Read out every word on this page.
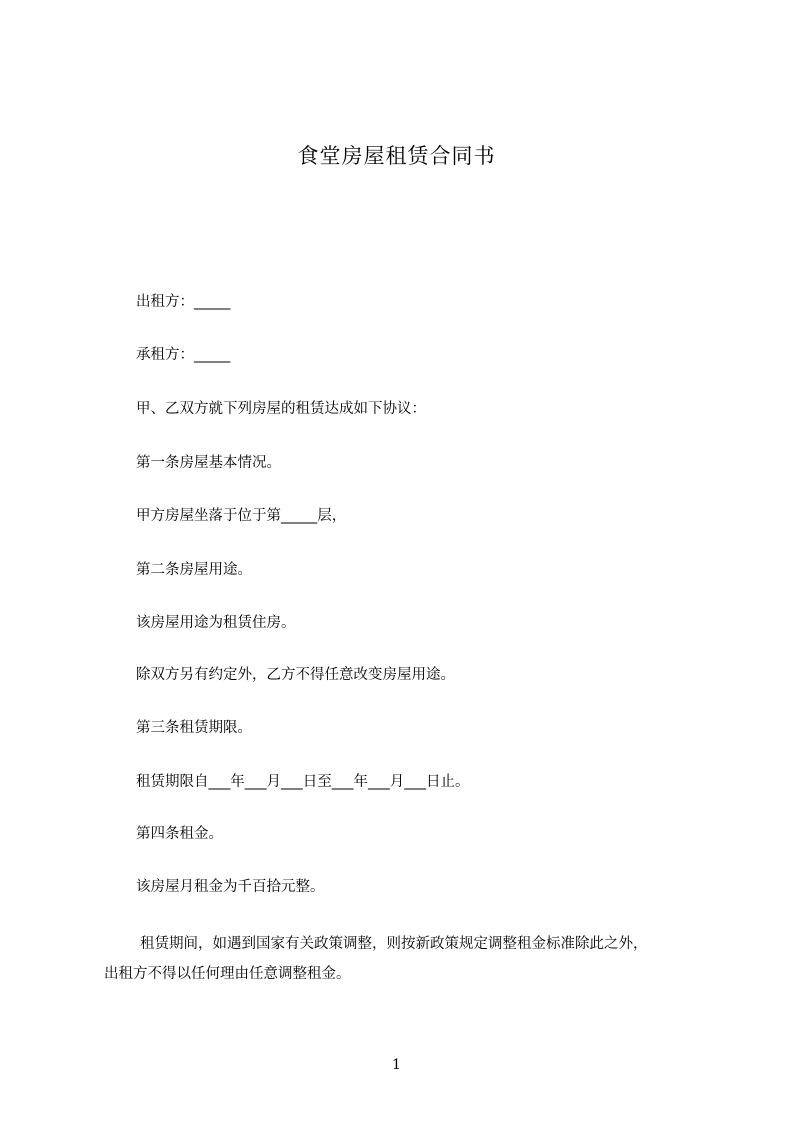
食堂房屋租赁合同书
出租方：_____
承租方：_____
甲、乙双方就下列房屋的租赁达成如下协议：
第一条房屋基本情况。
甲方房屋坐落于位于第_____层，
第二条房屋用途。
该房屋用途为租赁住房。
除双方另有约定外，乙方不得任意改变房屋用途。
第三条租赁期限。
租赁期限自___年___月___日至___年___月___日止。
第四条租金。
该房屋月租金为千百拾元整。
租赁期间，如遇到国家有关政策调整，则按新政策规定调整租金标准除此之外，
出租方不得以任何理由任意调整租金。
1
